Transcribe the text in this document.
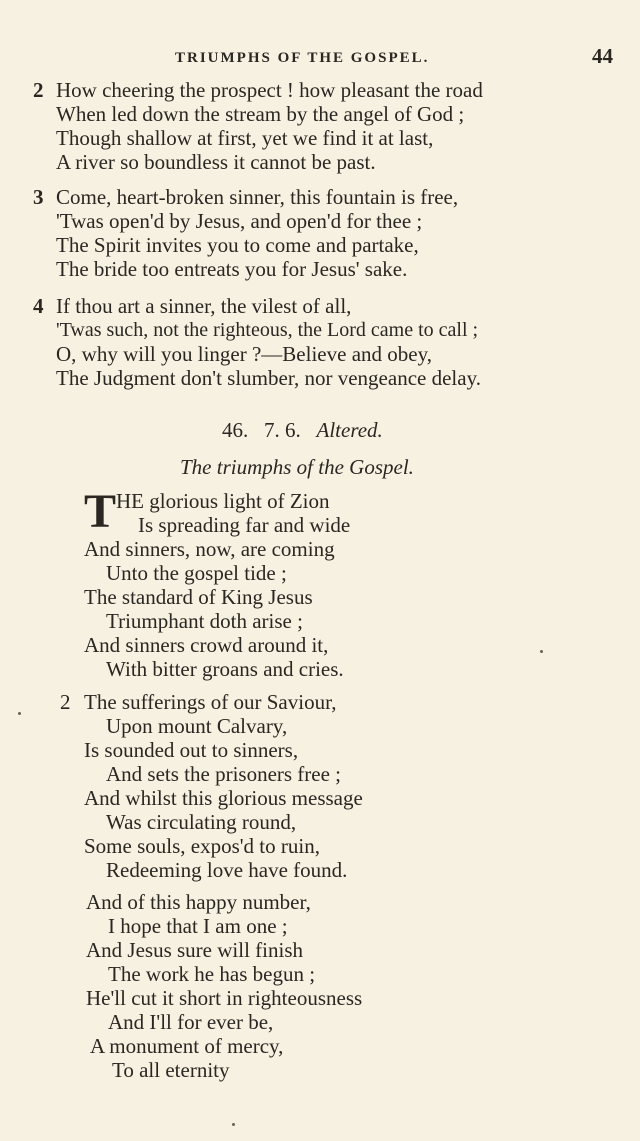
TRIUMPHS OF THE GOSPEL.	44
2 How cheering the prospect ! how pleasant the road
When led down the stream by the angel of God ;
Though shallow at first, yet we find it at last,
A river so boundless it cannot be past.
3 Come, heart-broken sinner, this fountain is free,
'Twas open'd by Jesus, and open'd for thee ;
The Spirit invites you to come and partake,
The bride too entreats you for Jesus' sake.
4 If thou art a sinner, the vilest of all,
'Twas such, not the righteous, the Lord came to call ;
O, why will you linger ?—Believe and obey,
The Judgment don't slumber, nor vengeance delay.
46. 7. 6. Altered.
The triumphs of the Gospel.
T HE glorious light of Zion
Is spreading far and wide
And sinners, now, are coming
Unto the gospel tide ;
The standard of King Jesus
Triumphant doth arise ;
And sinners crowd around it,
With bitter groans and cries.
2 The sufferings of our Saviour,
Upon mount Calvary,
Is sounded out to sinners,
And sets the prisoners free ;
And whilst this glorious message
Was circulating round,
Some souls, expos'd to ruin,
Redeeming love have found.
And of this happy number,
I hope that I am one ;
And Jesus sure will finish
The work he has begun ;
He'll cut it short in righteousness
And I'll for ever be,
A monument of mercy,
To all eternity
